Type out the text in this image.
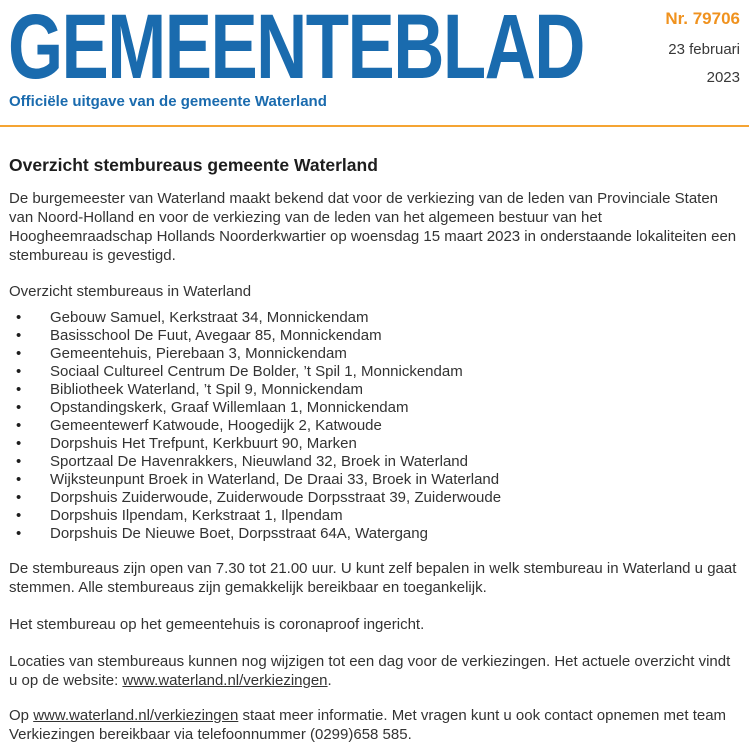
GEMEENTEBLAD
Officiële uitgave van de gemeente Waterland
Nr. 79706
23 februari
2023
Overzicht stembureaus gemeente Waterland

De burgemeester van Waterland maakt bekend dat voor de verkiezing van de leden van Provinciale Staten van Noord-Holland en voor de verkiezing van de leden van het algemeen bestuur van het Hoogheemraadschap Hollands Noorderkwartier op woensdag 15 maart 2023 in onderstaande lokaliteiten een stembureau is gevestigd.

Overzicht stembureaus in Waterland

• Gebouw Samuel, Kerkstraat 34, Monnickendam
• Basisschool De Fuut, Avegaar 85, Monnickendam
• Gemeentehuis, Pierebaan 3, Monnickendam
• Sociaal Cultureel Centrum De Bolder, ’t Spil 1, Monnickendam
• Bibliotheek Waterland, ’t Spil 9, Monnickendam
• Opstandingskerk, Graaf Willemlaan 1, Monnickendam
• Gemeentewerf Katwoude, Hoogedijk 2, Katwoude
• Dorpshuis Het Trefpunt, Kerkbuurt 90, Marken
• Sportzaal De Havenrakkers, Nieuwland 32, Broek in Waterland
• Wijksteunpunt Broek in Waterland, De Draai 33, Broek in Waterland
• Dorpshuis Zuiderwoude, Zuiderwoude Dorpsstraat 39, Zuiderwoude
• Dorpshuis Ilpendam, Kerkstraat 1, Ilpendam
• Dorpshuis De Nieuwe Boet, Dorpsstraat 64A, Watergang

De stembureaus zijn open van 7.30 tot 21.00 uur. U kunt zelf bepalen in welk stembureau in Waterland u gaat stemmen. Alle stembureaus zijn gemakkelijk bereikbaar en toegankelijk.

Het stembureau op het gemeentehuis is coronaproof ingericht.

Locaties van stembureaus kunnen nog wijzigen tot een dag voor de verkiezingen. Het actuele overzicht vindt u op de website: www.waterland.nl/verkiezingen.

Op www.waterland.nl/verkiezingen staat meer informatie. Met vragen kunt u ook contact opnemen met team Verkiezingen bereikbaar via telefoonnummer (0299)658 585.
